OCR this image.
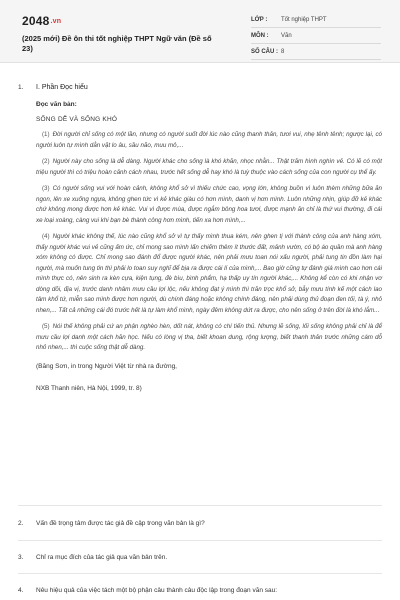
2048.vn
(2025 mới) Đề ôn thi tốt nghiệp THPT Ngữ văn (Đề số 23)
LỚP :	Tốt nghiệp THPT
MÔN :	Văn
SỐ CÂU : 8
1. I. Phần Đọc hiểu
Đọc văn bản:
SỐNG DỄ VÀ SỐNG KHÓ

(1) Đời người chỉ sống có một lần, nhưng có người suốt đời lúc nào cũng thanh thản, tươi vui, nhẹ tênh tênh; ngược lại, có người luôn tự mình dằn vặt lo âu, sầu não, muu mô,...

(2) Người này cho sống là dễ dàng. Người khác cho sống là khó khăn, nhọc nhằn... Thật trăm hình nghìn vẻ. Có lẽ có một triệu người thì có triệu hoàn cảnh cách nhau, trước hết sống dễ hay khó là tuỳ thuộc vào cách sống của con người cụ thể ấy.

(3) Có người sống vui với hoàn cảnh, không khổ sở vì thiếu chức cao, vọng lớn, không buồn vì luôn thèm những bữa ăn ngon, lên xe xuống ngựa, không ghen tức vì kẻ khác giàu có hơn mình, danh vị hơn mình. Luôn những nhịn, giúp đỡ kẻ khác chứ không mong được hơn kẻ khác. Vui vì được mùa, được ngắm bông hoa tươi, được mạnh ăn chỉ là thứ vui thường, đi cái xe loại xoàng, càng vui khi bạn bè thành công hơn mình, tiến xa hơn mình,...

(4) Người khác không thế, lúc nào cũng khổ sở vì tự thấy mình thua kém, nên ghen tị với thành công của anh hàng xóm, thấy người khác vui vẻ cũng ấm ức, chỉ mong sao mình lấn chiếm thêm ít thước đất, mảnh vườn, có bộ áo quần mà anh hàng xóm không có được. Chỉ mong sao đánh đổ được người khác, nên phải mưu toan nói xấu người, phải tung tin đồn làm hại người, mà muốn tung tin thì phải lo toan suy nghĩ để bịa ra được cái lí của mình,... Bao giờ cũng tự đánh giá mình cao hơn cái mình thực có, nên sinh ra kèn cựa, kiện tụng, đè bìu, bình phẩm, hạ thấp uy tín người khác,... Không kể còn có khi nhận vơ dòng dõi, địa vị, trước danh nhâm mưu cầu lợi lộc, nếu không đạt ý mình thì trăn trọc khổ sở, bẫy mưu tính kế một cách lao tâm khổ tứ, miễn sao mình được hơn người, dù chính đáng hoặc không chính đáng, nên phải dùng thủ đoạn đen tối, tà ý, nhỏ nhen,... Tất cả những cái đó trước hết là tự làm khổ mình, ngày đêm không dứt ra được, cho nên sống ở trên đời là khó lắm...

(5) Nói thế không phải cứ an phận nghèo hèn, dốt nát, không có chí tiến thủ. Nhưng lẽ sống, lối sống không phải chỉ là để mưu cầu lợi danh một cách hăn học. Nếu có lòng vị tha, biết khoan dung, rộng lượng, biết thanh thản trước những cám dỗ nhỏ nhen,... thì cuộc sống thật dễ dàng.

(Băng Sơn, in trong Người Việt từ nhà ra đường,
NXB Thanh niên, Hà Nội, 1999, tr. 8)
2. Vấn đề trọng tâm được tác giả đề cập trong văn bản là gì?
3. Chỉ ra mục đích của tác giả qua văn bản trên.
4. Nêu hiệu quả của việc tách một bộ phận câu thành câu độc lập trong đoạn văn sau:
